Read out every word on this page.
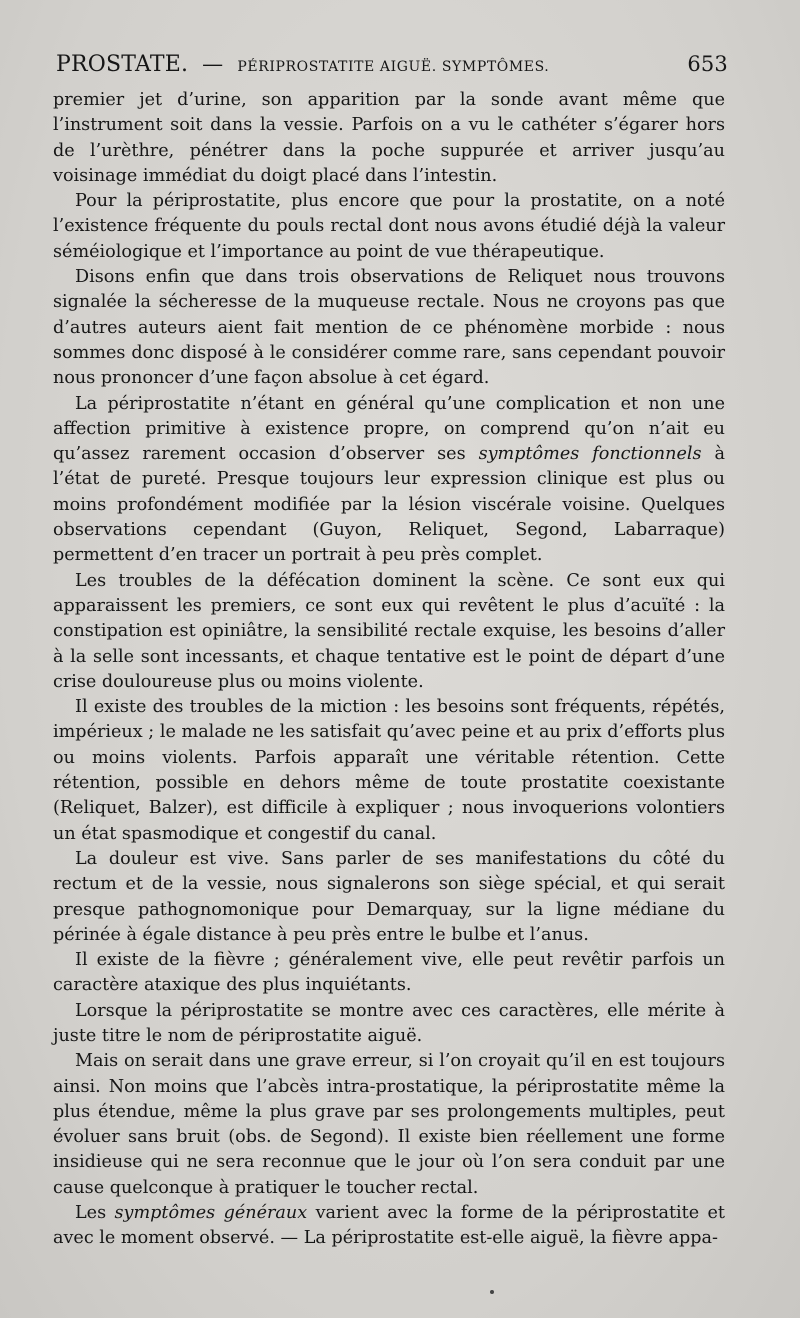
PROSTATE. — PÉRIPROSTATITE AIGUË. SYMPTÔMES.	653

premier jet d’urine, son apparition par la sonde avant même que l’instrument soit dans la vessie. Parfois on a vu le cathéter s’égarer hors de l’urèthre, pénétrer dans la poche suppurée et arriver jusqu’au voisinage immédiat du doigt placé dans l’intestin.

Pour la périprostatite, plus encore que pour la prostatite, on a noté l’existence fréquente du pouls rectal dont nous avons étudié déjà la valeur séméiologique et l’importance au point de vue thérapeutique.

Disons enfin que dans trois observations de Reliquet nous trouvons signalée la sécheresse de la muqueuse rectale. Nous ne croyons pas que d’autres auteurs aient fait mention de ce phénomène morbide : nous sommes donc disposé à le considérer comme rare, sans cependant pouvoir nous prononcer d’une façon absolue à cet égard.

La périprostatite n’étant en général qu’une complication et non une affection primitive à existence propre, on comprend qu’on n’ait eu qu’assez rarement occasion d’observer ses symptômes fonctionnels à l’état de pureté. Presque toujours leur expression clinique est plus ou moins profondément modifiée par la lésion viscérale voisine. Quelques observations cependant (Guyon, Reliquet, Segond, Labarraque) permettent d’en tracer un portrait à peu près complet.

Les troubles de la défécation dominent la scène. Ce sont eux qui apparaissent les premiers, ce sont eux qui revêtent le plus d’acuïté : la constipation est opiniâtre, la sensibilité rectale exquise, les besoins d’aller à la selle sont incessants, et chaque tentative est le point de départ d’une crise douloureuse plus ou moins violente.

Il existe des troubles de la miction : les besoins sont fréquents, répétés, impérieux ; le malade ne les satisfait qu’avec peine et au prix d’efforts plus ou moins violents. Parfois apparaît une véritable rétention. Cette rétention, possible en dehors même de toute prostatite coexistante (Reliquet, Balzer), est difficile à expliquer ; nous invoquerions volontiers un état spasmodique et congestif du canal.

La douleur est vive. Sans parler de ses manifestations du côté du rectum et de la vessie, nous signalerons son siège spécial, et qui serait presque pathognomonique pour Demarquay, sur la ligne médiane du périnée à égale distance à peu près entre le bulbe et l’anus.

Il existe de la fièvre ; généralement vive, elle peut revêtir parfois un caractère ataxique des plus inquiétants.

Lorsque la périprostatite se montre avec ces caractères, elle mérite à juste titre le nom de périprostatite aiguë.

Mais on serait dans une grave erreur, si l’on croyait qu’il en est toujours ainsi. Non moins que l’abcès intra-prostatique, la périprostatite même la plus étendue, même la plus grave par ses prolongements multiples, peut évoluer sans bruit (obs. de Segond). Il existe bien réellement une forme insidieuse qui ne sera reconnue que le jour où l’on sera conduit par une cause quelconque à pratiquer le toucher rectal.

Les symptômes généraux varient avec la forme de la périprostatite et avec le moment observé. — La périprostatite est-elle aiguë, la fièvre appa-
